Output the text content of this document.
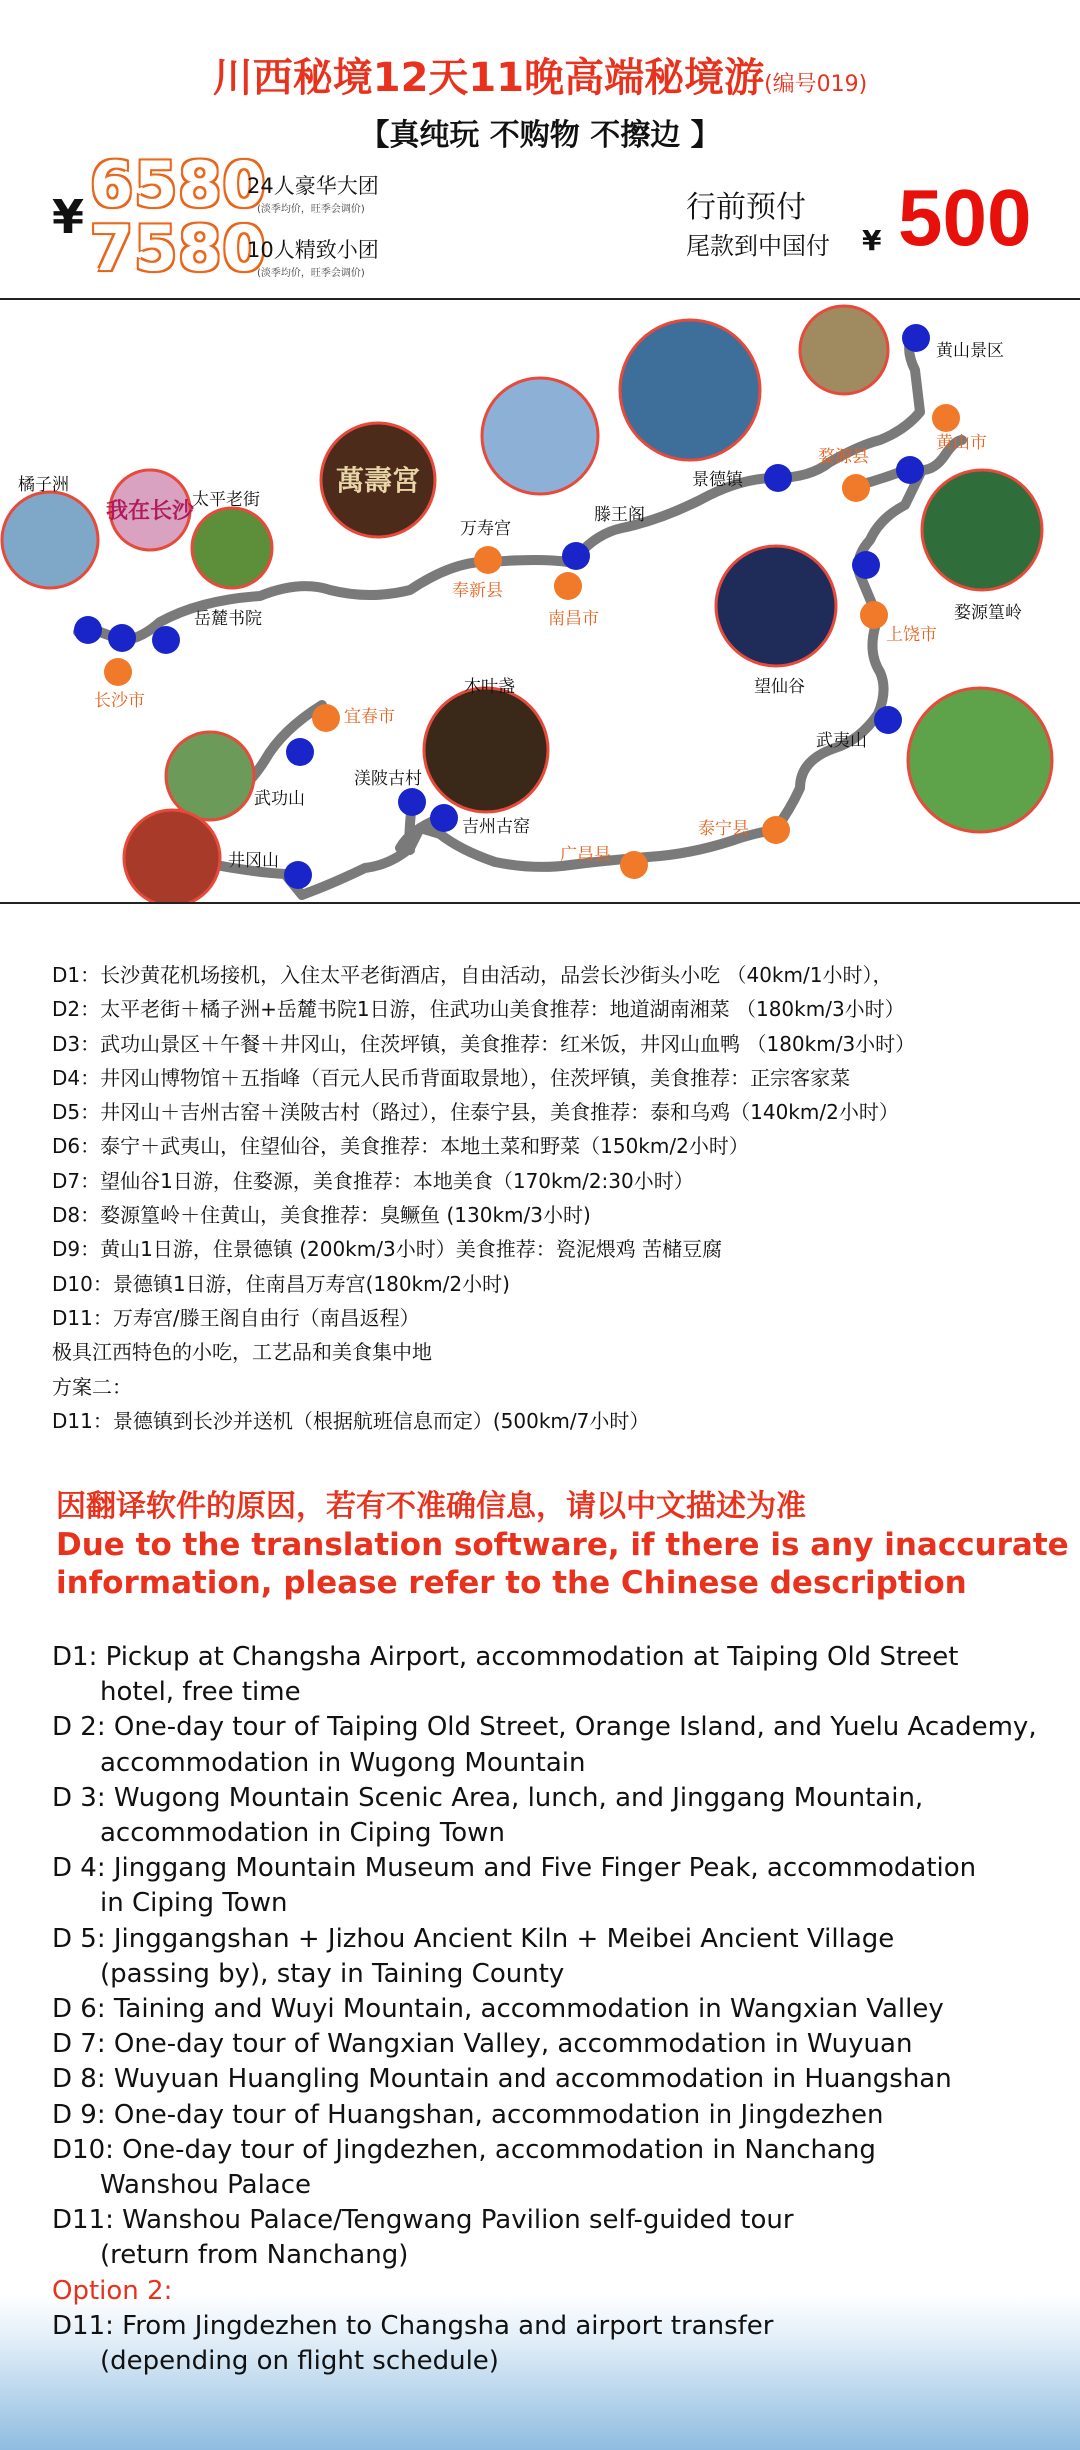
川西秘境12天11晚高端秘境游(编号019)
【真纯玩 不购物 不擦边 】
¥ 6580
7580
24人豪华大团
(淡季均价，旺季会调价)
10人精致小团
(淡季均价，旺季会调价)
行前预付
尾款到中国付 ¥ 500
我在长沙
萬壽宮
橘子洲
太平老街
岳麓书院
万寿宫
滕王阁
景德镇
黄山景区
婺源篁岭
望仙谷
武夷山
木叶盏
渼陂古村
吉州古窑
武功山
井冈山
长沙市
奉新县
南昌市
婺源县
黄山市
上饶市
宜春市
广昌县
泰宁县
D1：长沙黄花机场接机，入住太平老街酒店，自由活动，品尝长沙街头小吃 （40km/1小时），
D2：太平老街＋橘子洲+岳麓书院1日游，住武功山美食推荐：地道湖南湘菜 （180km/3小时）
D3：武功山景区＋午餐＋井冈山，住茨坪镇，美食推荐：红米饭，井冈山血鸭 （180km/3小时）
D4：井冈山博物馆＋五指峰（百元人民币背面取景地），住茨坪镇，美食推荐：正宗客家菜
D5：井冈山＋吉州古窑＋渼陂古村（路过），住泰宁县，美食推荐：泰和乌鸡（140km/2小时）
D6：泰宁＋武夷山，住望仙谷，美食推荐：本地土菜和野菜（150km/2小时）
D7：望仙谷1日游，住婺源，美食推荐：本地美食（170km/2:30小时）
D8：婺源篁岭＋住黄山，美食推荐：臭鳜鱼 (130km/3小时)
D9：黄山1日游，住景德镇 (200km/3小时）美食推荐：瓷泥煨鸡 苦槠豆腐
D10：景德镇1日游，住南昌万寿宫(180km/2小时)
D11：万寿宫/滕王阁自由行（南昌返程）
极具江西特色的小吃，工艺品和美食集中地
方案二：
D11：景德镇到长沙并送机（根据航班信息而定）(500km/7小时）
因翻译软件的原因，若有不准确信息，请以中文描述为准
Due to the translation software, if there is any inaccurate
information, please refer to the Chinese description
D1: Pickup at Changsha Airport, accommodation at Taiping Old Street
hotel, free time
D 2: One-day tour of Taiping Old Street, Orange Island, and Yuelu Academy,
accommodation in Wugong Mountain
D 3: Wugong Mountain Scenic Area, lunch, and Jinggang Mountain,
accommodation in Ciping Town
D 4: Jinggang Mountain Museum and Five Finger Peak, accommodation
in Ciping Town
D 5: Jinggangshan + Jizhou Ancient Kiln + Meibei Ancient Village
(passing by), stay in Taining County
D 6: Taining and Wuyi Mountain, accommodation in Wangxian Valley
D 7: One-day tour of Wangxian Valley, accommodation in Wuyuan
D 8: Wuyuan Huangling Mountain and accommodation in Huangshan
D 9: One-day tour of Huangshan, accommodation in Jingdezhen
D10: One-day tour of Jingdezhen, accommodation in Nanchang
Wanshou Palace
D11: Wanshou Palace/Tengwang Pavilion self-guided tour
(return from Nanchang)
Option 2:
D11: From Jingdezhen to Changsha and airport transfer
(depending on flight schedule)
